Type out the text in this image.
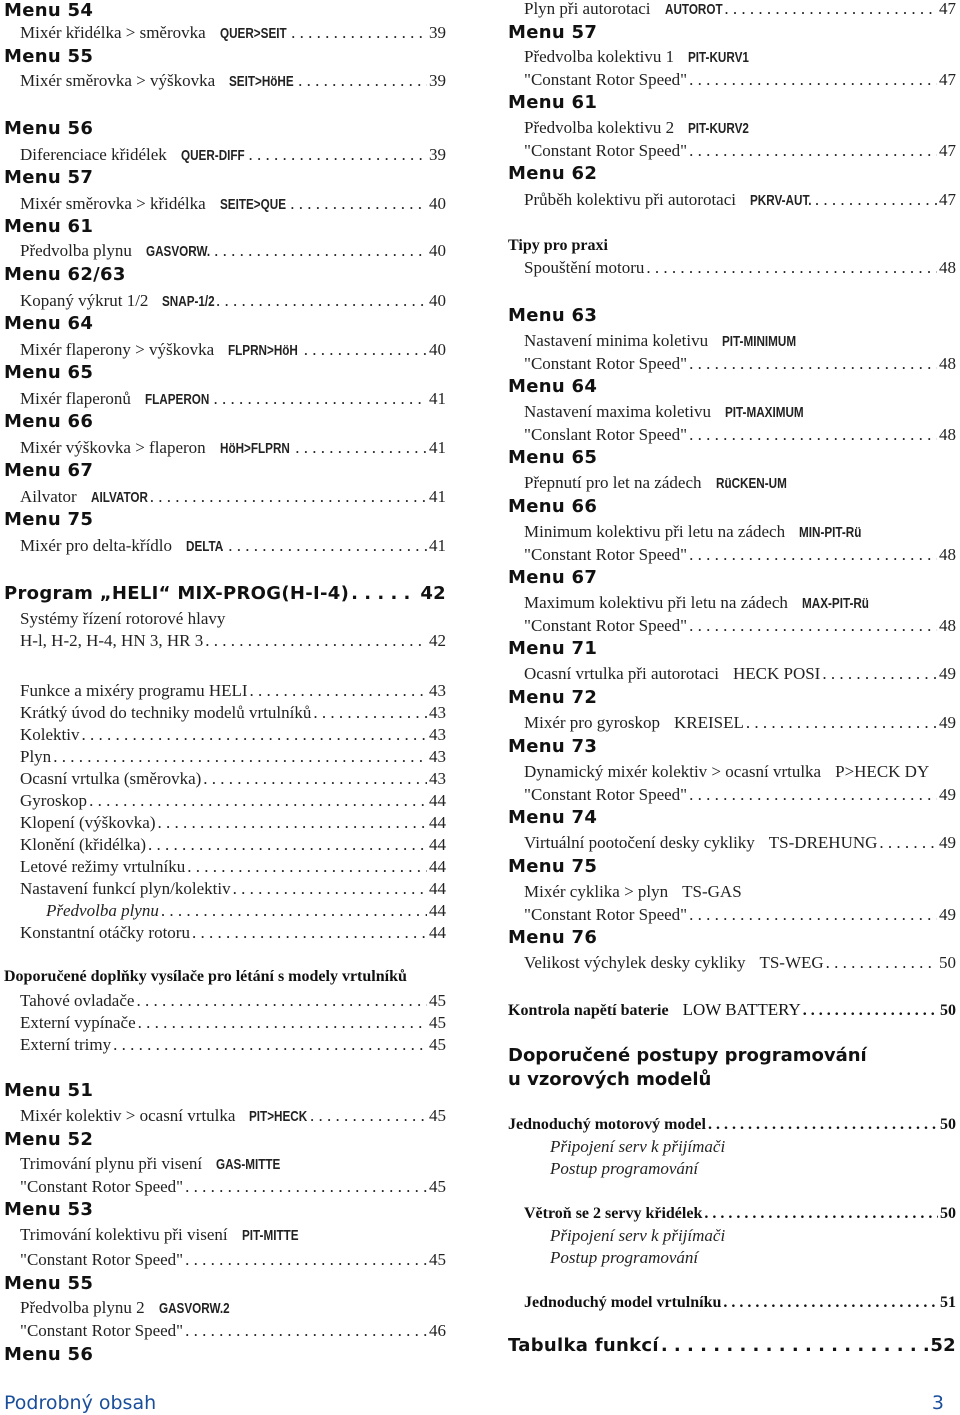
Menu 54
Mixér křidélka > směrovka QUER>SEIT . . .	39
Menu 55
Mixér směrovka > výškovka SEIT>HöHE . . .	39
Menu 56
Diferenciace křidélek QUER-DIFF . . .	39
Menu 57
Mixér směrovka > křidélka SEITE>QUE . . .	40
Menu 61
Předvolba plynu GASVORW. . . .	40
Menu 62/63
Kopaný výkrut 1/2 SNAP-1/2 . . .	40
Menu 64
Mixér flaperony > výškovka FLPRN>HöH . . .	40
Menu 65
Mixér flaperonů FLAPERON . . .	41
Menu 66
Mixér výškovka > flaperon HöH>FLPRN . . .	41
Menu 67
Ailvator AILVATOR . . .	41
Menu 75
Mixér pro delta-křídlo DELTA . . .	41
Program „HELI“ MIX-PROG(H-I-4) . . .	42
Systémy řízení rotorové hlavy
H-l, H-2, H-4, HN 3, HR 3 . . .	42
Funkce a mixéry programu HELI . . .	43
Krátký úvod do techniky modelů vrtulníků . . .	43
Kolektiv . . .	43
Plyn . . .	43
Ocasní vrtulka (směrovka) . . .	43
Gyroskop . . .	44
Klopení (výškovka) . . .	44
Klonění (křidélka) . . .	44
Letové režimy vrtulníku . . .	44
Nastavení funkcí plyn/kolektiv . . .	44
Předvolba plynu . . .	44
Konstantní otáčky rotoru . . .	44
Doporučené doplňky vysílače pro létání s modely vrtulníků
Tahové ovladače . . .	45
Externí vypínače . . .	45
Externí trimy . . .	45
Menu 51
Mixér kolektiv > ocasní vrtulka PIT>HECK . . .	45
Menu 52
Trimování plynu při visení GAS-MITTE
"Constant Rotor Speed" . . .	45
Menu 53
Trimování kolektivu při visení PIT-MITTE
"Constant Rotor Speed" . . .	45
Menu 55
Předvolba plynu 2 GASVORW.2
"Constant Rotor Speed" . . .	46
Menu 56
Plyn při autorotaci AUTOROT . . .	47
Menu 57
Předvolba kolektivu 1 PIT-KURV1
"Constant Rotor Speed" . . .	47
Menu 61
Předvolba kolektivu 2 PIT-KURV2
"Constant Rotor Speed" . . .	47
Menu 62
Průběh kolektivu při autorotaci PKRV-AUT. . . .	47
Tipy pro praxi
Spouštění motoru . . .	48
Menu 63
Nastavení minima koletivu PIT-MINIMUM
"Constant Rotor Speed" . . .	48
Menu 64
Nastavení maxima koletivu PIT-MAXIMUM
"Conslant Rotor Speed" . . .	48
Menu 65
Přepnutí pro let na zádech RüCKEN-UM
Menu 66
Minimum kolektivu při letu na zádech MIN-PIT-Rü
"Constant Rotor Speed" . . .	48
Menu 67
Maximum kolektivu při letu na zádech MAX-PIT-Rü
"Constant Rotor Speed" . . .	48
Menu 71
Ocasní vrtulka při autorotaci HECK POSI . . .	49
Menu 72
Mixér pro gyroskop KREISEL . . .	49
Menu 73
Dynamický mixér kolektiv > ocasní vrtulka P>HECK DY
"Constant Rotor Speed" . . .	49
Menu 74
Virtuální pootočení desky cykliky TS-DREHUNG . . .	49
Menu 75
Mixér cyklika > plyn TS-GAS
"Constant Rotor Speed" . . .	49
Menu 76
Velikost výchylek desky cykliky TS-WEG . . .	50
Kontrola napětí baterie LOW BATTERY . . .	50
Doporučené postupy programování
u vzorových modelů
Jednoduchý motorový model . . .	50
Připojení serv k přijímači
Postup programování
Větroň se 2 servy křidélek . . .	50
Připojení serv k přijímači
Postup programování
Jednoduchý model vrtulníku . . .	51
Tabulka funkcí . . .	52
Podrobný obsah	3
